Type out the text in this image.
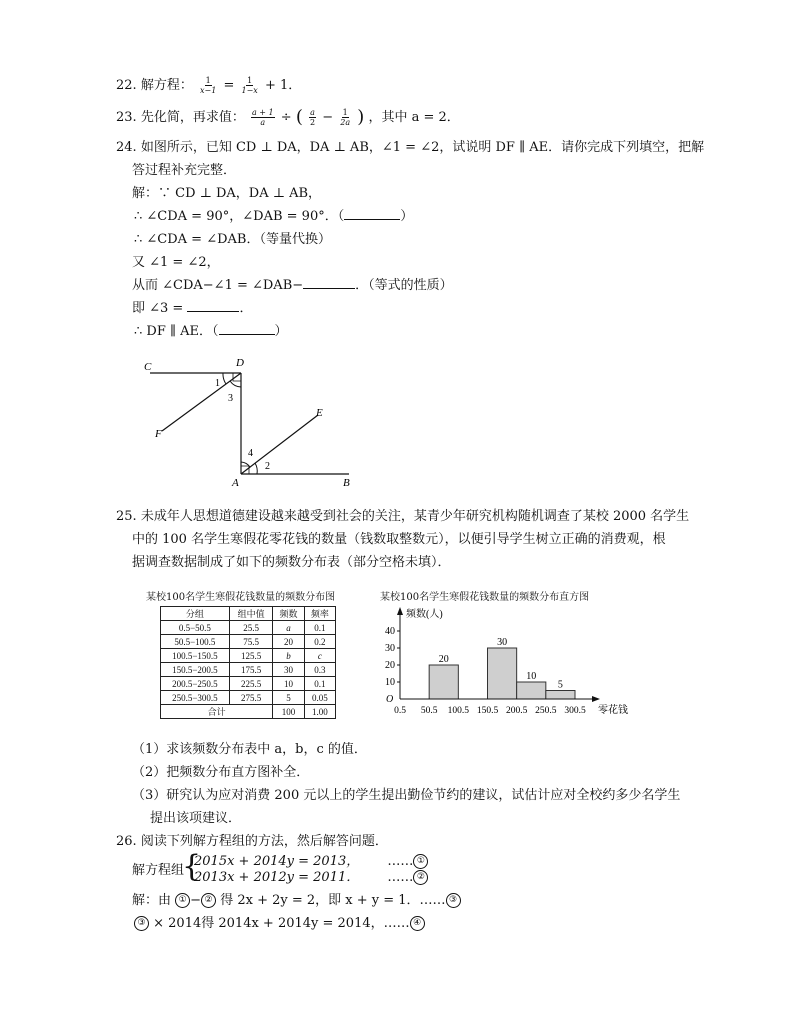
22. 解方程： $\frac{1}{x-1} = \frac{1}{1-x} + 1$．
23. 先化简，再求值： $\frac{a + 1}{a}$ ÷ ( $\frac{a}{2} - \frac{1}{2a}$ ) ，其中 a = 2．
24. 如图所示，已知 CD ⊥ DA，DA ⊥ AB，∠1 = ∠2，试说明 DF ∥ AE．请你完成下列填空，把解
答过程补充完整．
解：∵ CD ⊥ DA，DA ⊥ AB，
∴ ∠CDA = 90°，∠DAB = 90°．（	）
∴ ∠CDA = ∠DAB．（等量代换）
又 ∠1 = ∠2，
从而 ∠CDA−∠1 = ∠DAB−	．（等式的性质）
即 ∠3 =	．
∴ DF ∥ AE．（	）
C	D
F
E
A	B
1
3
4
2
25. 未成年人思想道德建设越来越受到社会的关注，某青少年研究机构随机调查了某校 2000 名学生
中的 100 名学生寒假花零花钱的数量（钱数取整数元），以便引导学生树立正确的消费观，根
据调查数据制成了如下的频数分布表（部分空格未填）．
某校100名学生寒假花钱数量的频数分布图
分组	组中值	频数	频率
0.5−50.5	25.5	a	0.1
50.5−100.5	75.5	20	0.2
100.5−150.5	125.5	b	c
150.5−200.5	175.5	30	0.3
200.5−250.5	225.5	10	0.1
250.5−300.5	275.5	5	0.05
合计		100	1.00
某校100名学生寒假花钱数量的频数分布直方图
10
20
30
40
0.5 50.5 100.5 150.5 200.5 250.5 300.5
20
30
10
5
频数(人)
零花钱
O
（1）求该频数分布表中 a，b，c 的值．
（2）把频数分布直方图补全．
（3）研究认为应对消费 200 元以上的学生提出勤俭节约的建议，试估计应对全校约多少名学生
提出该项建议．
26. 阅读下列解方程组的方法，然后解答问题．
解方程组
{
2015x + 2014y = 2013， …… ①
2013x + 2012y = 2011． …… ②
解：由 ① − ② 得 2x + 2y = 2，即 x + y = 1．…… ③
③ × 2014得 2014x + 2014y = 2014，…… ④
